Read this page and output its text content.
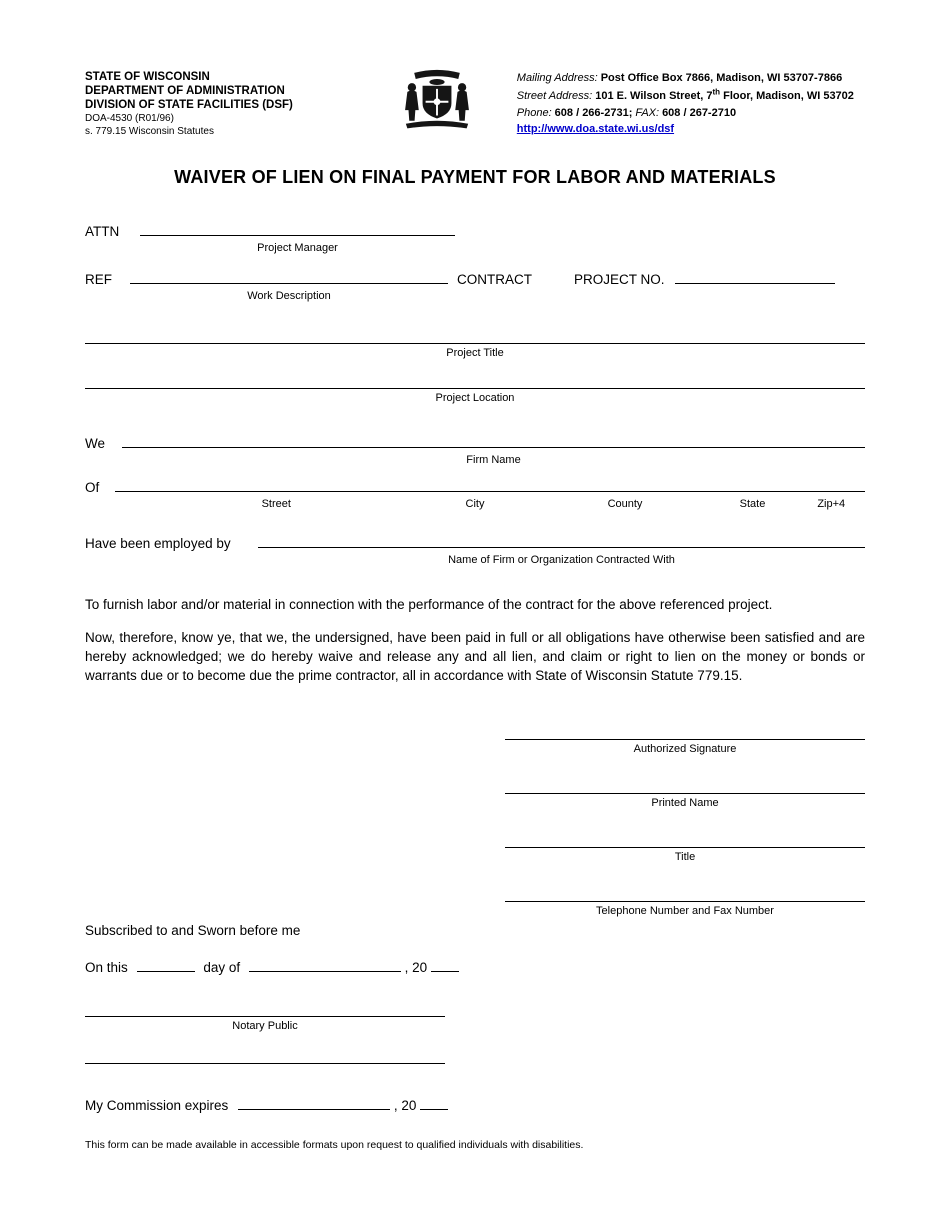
STATE OF WISCONSIN
DEPARTMENT OF ADMINISTRATION
DIVISION OF STATE FACILITIES (DSF)
DOA-4530 (R01/96)
s. 779.15 Wisconsin Statutes
Mailing Address: Post Office Box 7866, Madison, WI 53707-7866
Street Address: 101 E. Wilson Street, 7th Floor, Madison, WI 53702
Phone: 608 / 266-2731; FAX: 608 / 267-2710
http://www.doa.state.wi.us/dsf
WAIVER OF LIEN ON FINAL PAYMENT FOR LABOR AND MATERIALS
ATTN
Project Manager
REF	CONTRACT	PROJECT NO.
Work Description
Project Title
Project Location
We
Firm Name
Of
Street	City	County	State	Zip+4
Have been employed by
Name of Firm or Organization Contracted With
To furnish labor and/or material in connection with the performance of the contract for the above referenced project.
Now, therefore, know ye, that we, the undersigned, have been paid in full or all obligations have otherwise been satisfied and are hereby acknowledged; we do hereby waive and release any and all lien, and claim or right to lien on the money or bonds or warrants due or to become due the prime contractor, all in accordance with State of Wisconsin Statute 779.15.
Authorized Signature
Printed Name
Title
Telephone Number and Fax Number
Subscribed to and Sworn before me
On this	day of	, 20
Notary Public
My Commission expires	, 20
This form can be made available in accessible formats upon request to qualified individuals with disabilities.
